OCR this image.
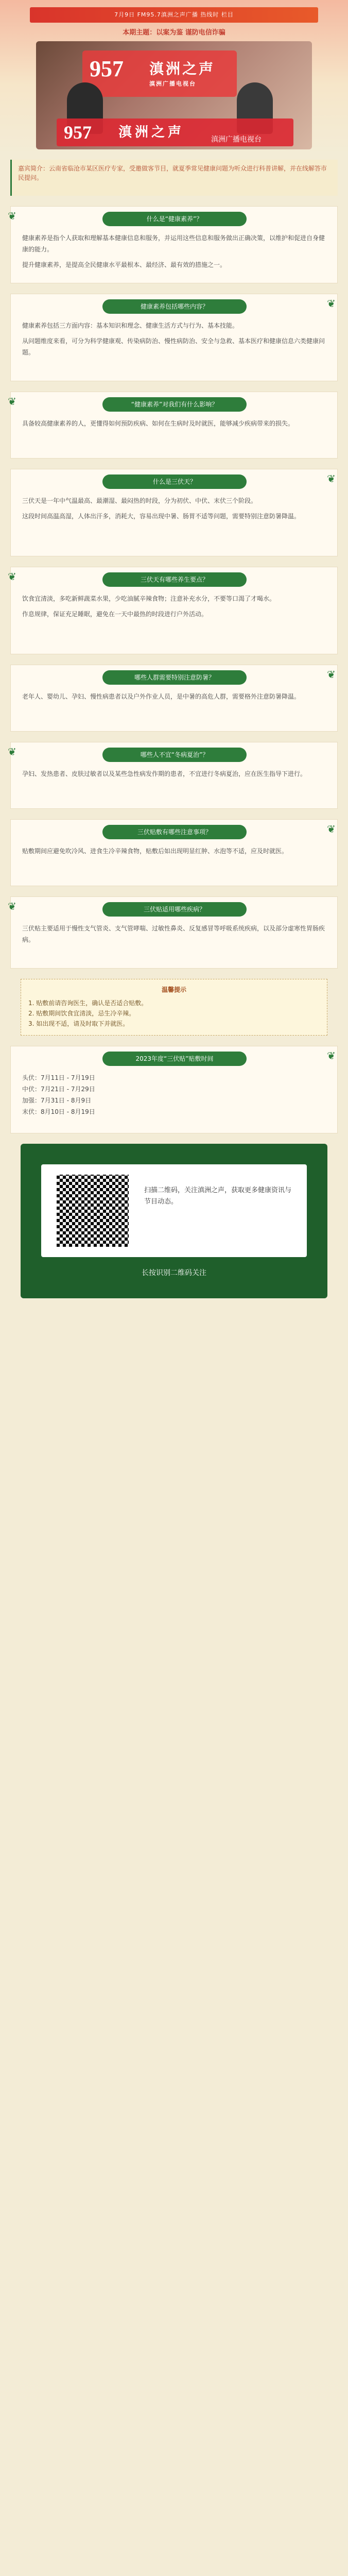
7月9日 FM95.7滇洲之声广播 热线时 栏目
本期主题：以案为鉴 谨防电信诈骗
957 滇洲之声
滇洲广播电视台
957 滇洲之声	滇洲广播电视台
嘉宾简介：云南省临沧市某区医疗专家，受邀做客节目，就夏季常见健康问题为听众进行科普讲解，并在线解答市民提问。
❦	什么是“健康素养”？

健康素养是指个人获取和理解基本健康信息和服务，并运用这些信息和服务做出正确决策，以维护和促进自身健康的能力。

提升健康素养，是提高全民健康水平最根本、最经济、最有效的措施之一。

❦
健康素养包括哪些内容？

健康素养包括三方面内容：基本知识和理念、健康生活方式与行为、基本技能。

从问题维度来看，可分为科学健康观、传染病防治、慢性病防治、安全与急救、基本医疗和健康信息六类健康问题。

❦	“健康素养”对我们有什么影响？

具备较高健康素养的人，更懂得如何预防疾病、如何在生病时及时就医，能够减少疾病带来的损失。

❦
什么是三伏天？

三伏天是一年中气温最高、最潮湿、最闷热的时段，分为初伏、中伏、末伏三个阶段。

这段时间高温高湿，人体出汗多，消耗大，容易出现中暑、肠胃不适等问题，需要特别注意防暑降温。

❦	三伏天有哪些养生要点？

饮食宜清淡，多吃新鲜蔬菜水果，少吃油腻辛辣食物；注意补充水分，不要等口渴了才喝水。

作息规律，保证充足睡眠，避免在一天中最热的时段进行户外活动。

❦
哪些人群需要特别注意防暑？

老年人、婴幼儿、孕妇、慢性病患者以及户外作业人员，是中暑的高危人群，需要格外注意防暑降温。

❦	哪些人不宜“冬病夏治”？

孕妇、发热患者、皮肤过敏者以及某些急性病发作期的患者，不宜进行冬病夏治，应在医生指导下进行。

❦
三伏贴敷有哪些注意事项？

贴敷期间应避免吹冷风、进食生冷辛辣食物，贴敷后如出现明显红肿、水泡等不适，应及时就医。

❦	三伏贴适用哪些疾病？

三伏贴主要适用于慢性支气管炎、支气管哮喘、过敏性鼻炎、反复感冒等呼吸系统疾病，以及部分虚寒性胃肠疾病。

温馨提示
1. 贴敷前请咨询医生，确认是否适合贴敷。
2. 贴敷期间饮食宜清淡，忌生冷辛辣。
3. 如出现不适，请及时取下并就医。
❦
2023年度“三伏贴”贴敷时间
头伏：7月11日 - 7月19日
中伏：7月21日 - 7月29日
加强：7月31日 - 8月9日
末伏：8月10日 - 8月19日
扫描二维码，关注滇洲之声，获取更多健康资讯与节目动态。
长按识别二维码关注
